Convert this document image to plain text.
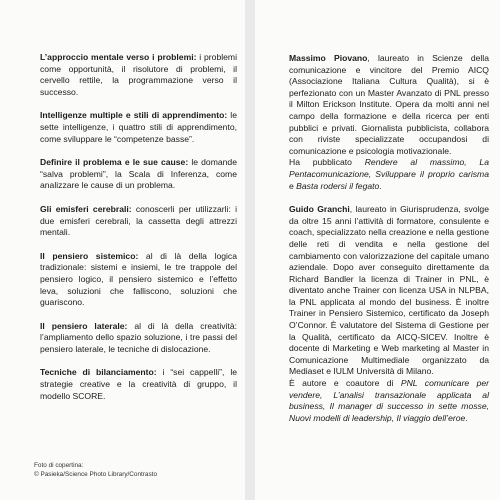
L’approccio mentale verso i problemi: i problemi come opportunità, il risolutore di problemi, il cervello rettile, la programmazione verso il successo.

Intelligenze multiple e stili di apprendimento: le sette intelligenze, i quattro stili di apprendimento, come sviluppare le “competenze basse”.

Definire il problema e le sue cause: le domande “salva problemi”, la Scala di Inferenza, come analizzare le cause di un problema.

Gli emisferi cerebrali: conoscerli per utilizzarli: i due emisferi cerebrali, la cassetta degli attrezzi mentali.

Il pensiero sistemico: al di là della logica tradizionale: sistemi e insiemi, le tre trappole del pensiero logico, il pensiero sistemico e l’effetto leva, soluzioni che falliscono, soluzioni che guariscono.

Il pensiero laterale: al di là della creatività: l’ampliamento dello spazio soluzione, i tre passi del pensiero laterale, le tecniche di dislocazione.

Tecniche di bilanciamento: i “sei cappelli”, le strategie creative e la creatività di gruppo, il modello SCORE.

Foto di copertina:
© Pasieka/Science Photo Library/Contrasto

Massimo Piovano, laureato in Scienze della comunicazione e vincitore del Premio AICQ (Associazione Italiana Cultura Qualità), si è perfezionato con un Master Avanzato di PNL presso il Milton Erickson Institute. Opera da molti anni nel campo della formazione e della ricerca per enti pubblici e privati. Giornalista pubblicista, collabora con riviste specializzate occupandosi di comunicazione e psicologia motivazionale.

Ha pubblicato Rendere al massimo, La Pentacomunicazione, Sviluppare il proprio carisma e Basta rodersi il fegato.

Guido Granchi, laureato in Giurisprudenza, svolge da oltre 15 anni l’attività di formatore, consulente e coach, specializzato nella creazione e nella gestione delle reti di vendita e nella gestione del cambiamento con valorizzazione del capitale umano aziendale. Dopo aver conseguito direttamente da Richard Bandler la licenza di Trainer in PNL, è diventato anche Trainer con licenza USA in NLPBA, la PNL applicata al mondo del business. È inoltre Trainer in Pensiero Sistemico, certificato da Joseph O’Connor. È valutatore del Sistema di Gestione per la Qualità, certificato da AICQ-SICEV. Inoltre è docente di Marketing e Web marketing al Master in Comunicazione Multimediale organizzato da Mediaset e IULM Università di Milano.

È autore e coautore di PNL comunicare per vendere, L’analisi transazionale applicata al business, Il manager di successo in sette mosse, Nuovi modelli di leadership, Il viaggio dell’eroe.
